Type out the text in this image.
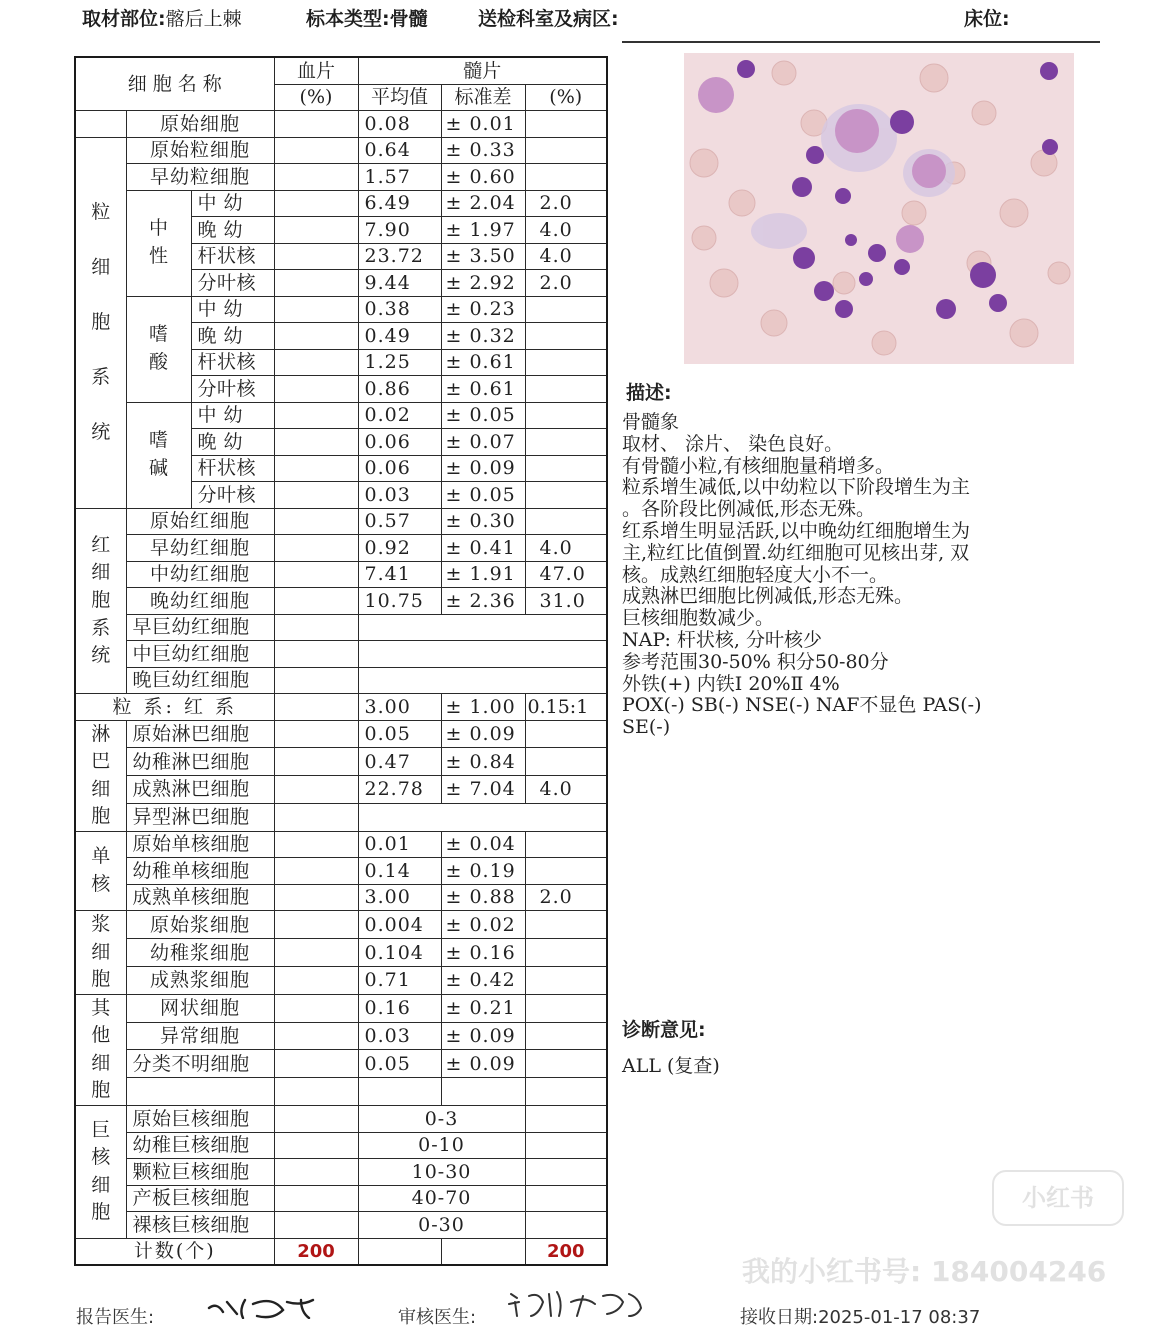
取材部位:髂后上棘	标本类型:骨髓	送检科室及病区:	床位:
细 胞 名 称			血片	髓片		
			(%)	平均值	标准差	(%)
	原始细胞			0.08	± 0.01	

粒

细

胞

系

统	原始粒细胞			0.64	± 0.33	
	早幼粒细胞			1.57	± 0.60	

	中
性	中 幼		6.49	± 2.04	2.0
		晚 幼		7.90	± 1.97	4.0
		杆状核		23.72	± 3.50	4.0
		分叶核		9.44	± 2.92	2.0

	嗜
酸	中 幼		0.38	± 0.23	
		晚 幼		0.49	± 0.32	
		杆状核		1.25	± 0.61	
		分叶核		0.86	± 0.61	

	嗜
碱	中 幼		0.02	± 0.05	
		晚 幼		0.06	± 0.07	
		杆状核		0.06	± 0.09	
		分叶核		0.03	± 0.05	

红
细
胞
系
统	原始红细胞			0.57	± 0.30	
	早幼红细胞			0.92	± 0.41	4.0
	中幼红细胞			7.41	± 1.91	47.0
	晚幼红细胞			10.75	± 2.36	31.0
	早巨幼红细胞					
	中巨幼红细胞					
	晚巨幼红细胞					
粒 系: 红 系				3.00	± 1.00	0.15:1

淋
巴
细
胞	原始淋巴细胞			0.05	± 0.09	
	幼稚淋巴细胞			0.47	± 0.84	
	成熟淋巴细胞			22.78	± 7.04	4.0
	异型淋巴细胞					

单
核	原始单核细胞			0.01	± 0.04	
	幼稚单核细胞			0.14	± 0.19	
	成熟单核细胞			3.00	± 0.88	2.0

浆
细
胞	原始浆细胞			0.004	± 0.02	
	幼稚浆细胞			0.104	± 0.16	
	成熟浆细胞			0.71	± 0.42	

其
他
细
胞	网状细胞			0.16	± 0.21	
	异常细胞			0.03	± 0.09	
	分类不明细胞			0.05	± 0.09	

巨
核
细
胞	原始巨核细胞			0-3		
	幼稚巨核细胞			0-10		
	颗粒巨核细胞			10-30		
	产板巨核细胞			40-70		
	裸核巨核细胞			0-30		
计数(个)			200			200
描述:
骨髓象
取材、 涂片、 染色良好。
有骨髓小粒,有核细胞量稍增多。
粒系增生减低,以中幼粒以下阶段增生为主
。各阶段比例减低,形态无殊。
红系增生明显活跃,以中晚幼红细胞增生为
主,粒红比值倒置.幼红细胞可见核出芽, 双
核。成熟红细胞轻度大小不一。
成熟淋巴细胞比例减低,形态无殊。
巨核细胞数减少。
NAP: 杆状核, 分叶核少
参考范围30-50% 积分50-80分
外铁(+) 内铁Ⅰ 20%Ⅱ 4%
POX(-) SB(-) NSE(-) NAF不显色 PAS(-)
SE(-)
诊断意见:
ALL (复查)
小红书
我的小红书号: 184004246
报告医生:	审核医生:	接收日期:2025-01-17 08:37
